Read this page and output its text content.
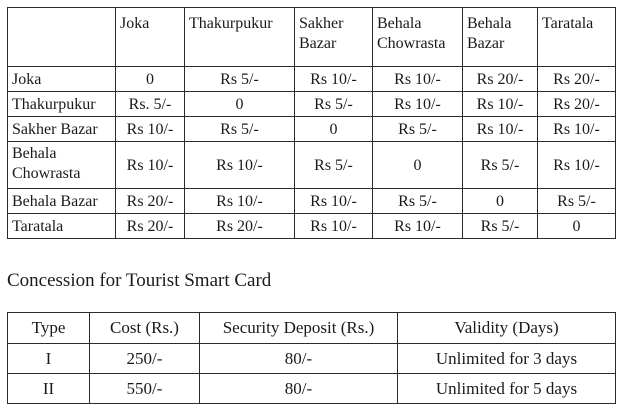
	Joka	Thakurpukur	Sakher Bazar	Behala Chowrasta	Behala Bazar	Taratala
Joka	0	Rs 5/-	Rs 10/-	Rs 10/-	Rs 20/-	Rs 20/-
Thakurpukur	Rs. 5/-	0	Rs 5/-	Rs 10/-	Rs 10/-	Rs 20/-
Sakher Bazar	Rs 10/-	Rs 5/-	0	Rs 5/-	Rs 10/-	Rs 10/-
Behala Chowrasta	Rs 10/-	Rs 10/-	Rs 5/-	0	Rs 5/-	Rs 10/-
Behala Bazar	Rs 20/-	Rs 10/-	Rs 10/-	Rs 5/-	0	Rs 5/-
Taratala	Rs 20/-	Rs 20/-	Rs 10/-	Rs 10/-	Rs 5/-	0

Concession for Tourist Smart Card

Type	Cost (Rs.)	Security Deposit (Rs.)	Validity (Days)
I	250/-	80/-	Unlimited for 3 days
II	550/-	80/-	Unlimited for 5 days
